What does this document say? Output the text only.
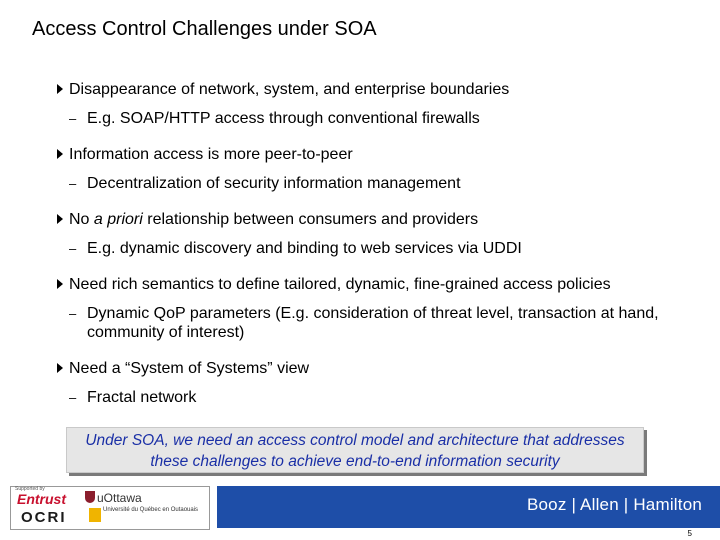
Access Control Challenges under SOA
Disappearance of network, system, and enterprise boundaries
– E.g. SOAP/HTTP access through conventional firewalls
Information access is more peer-to-peer
– Decentralization of security information management
No a priori relationship between consumers and providers
– E.g. dynamic discovery and binding to web services via UDDI
Need rich semantics to define tailored, dynamic, fine-grained access policies
– Dynamic QoP parameters (E.g. consideration of threat level, transaction at hand, community of interest)
Need a “System of Systems” view
– Fractal network
Under SOA, we need an access control model and architecture that addresses these challenges to achieve end-to-end information security
Supported by
Entrust
OCRI
uOttawa
Université du Québec en Outaouais	Booz | Allen | Hamilton
5
